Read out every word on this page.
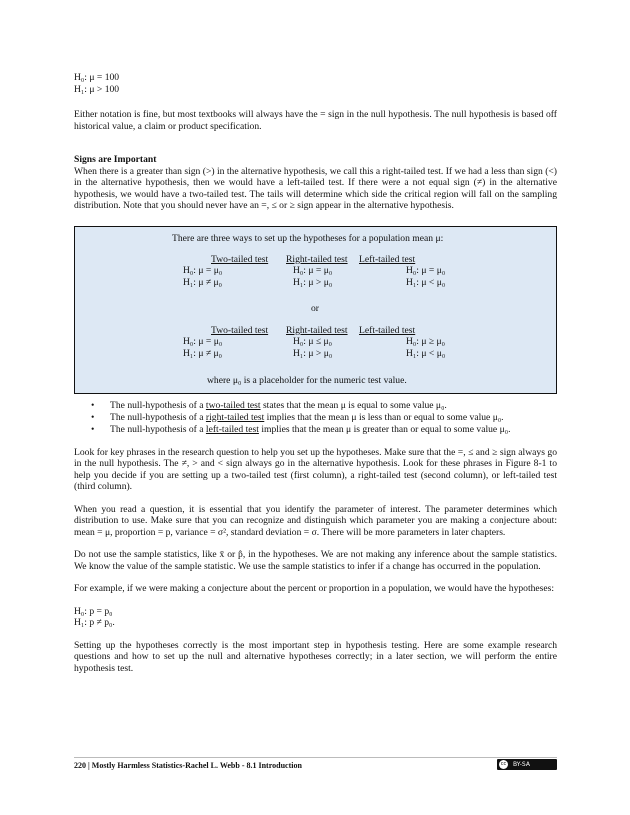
H₀: μ = 100

H₁: μ > 100

Either notation is fine, but most textbooks will always have the = sign in the null hypothesis. The null hypothesis is based off historical value, a claim or product specification.

Signs are Important

When there is a greater than sign (>) in the alternative hypothesis, we call this a right-tailed test. If we had a less than sign (<) in the alternative hypothesis, then we would have a left-tailed test. If there were a not equal sign (≠) in the alternative hypothesis, we would have a two-tailed test. The tails will determine which side the critical region will fall on the sampling distribution. Note that you should never have an =, ≤ or ≥ sign appear in the alternative hypothesis.

There are three ways to set up the hypotheses for a population mean μ:
Two-tailed test Right-tailed test Left-tailed test
H₀: μ = μ₀	H₀: μ = μ₀	H₀: μ = μ₀
H₁: μ ≠ μ₀	H₁: μ > μ₀	H₁: μ < μ₀
or
Two-tailed test Right-tailed test Left-tailed test
H₀: μ = μ₀	H₀: μ ≤ μ₀	H₀: μ ≥ μ₀
H₁: μ ≠ μ₀	H₁: μ > μ₀	H₁: μ < μ₀
where μ₀ is a placeholder for the numeric test value.
• The null-hypothesis of a two-tailed test states that the mean μ is equal to some value μ₀.
• The null-hypothesis of a right-tailed test implies that the mean μ is less than or equal to some value μ₀.
• The null-hypothesis of a left-tailed test implies that the mean μ is greater than or equal to some value μ₀.

Look for key phrases in the research question to help you set up the hypotheses. Make sure that the =, ≤ and ≥ sign always go in the null hypothesis. The ≠, > and < sign always go in the alternative hypothesis. Look for these phrases in Figure 8-1 to help you decide if you are setting up a two-tailed test (first column), a right-tailed test (second column), or left-tailed test (third column).

When you read a question, it is essential that you identify the parameter of interest. The parameter determines which distribution to use. Make sure that you can recognize and distinguish which parameter you are making a conjecture about: mean = μ, proportion = p, variance = σ², standard deviation = σ. There will be more parameters in later chapters.

Do not use the sample statistics, like x̄ or p̂, in the hypotheses. We are not making any inference about the sample statistics. We know the value of the sample statistic. We use the sample statistics to infer if a change has occurred in the population.

For example, if we were making a conjecture about the percent or proportion in a population, we would have the hypotheses:

H₀: p = p₀

H₁: p ≠ p₀.

Setting up the hypotheses correctly is the most important step in hypothesis testing. Here are some example research questions and how to set up the null and alternative hypotheses correctly; in a later section, we will perform the entire hypothesis test.

220 | Mostly Harmless Statistics-Rachel L. Webb - 8.1 Introduction	cc BY-SA
